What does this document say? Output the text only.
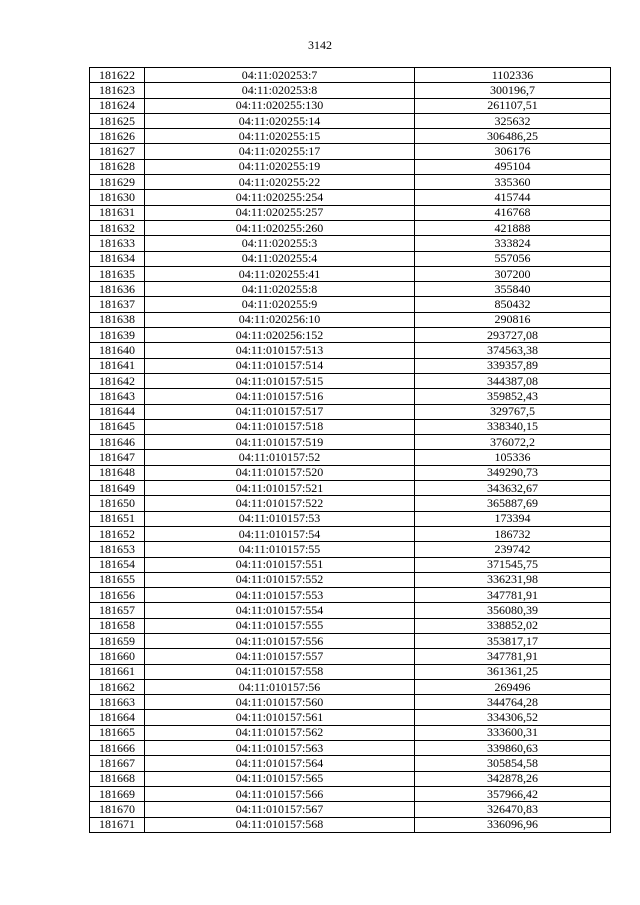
3142
181622	04:11:020253:7	1102336
181623	04:11:020253:8	300196,7
181624	04:11:020255:130	261107,51
181625	04:11:020255:14	325632
181626	04:11:020255:15	306486,25
181627	04:11:020255:17	306176
181628	04:11:020255:19	495104
181629	04:11:020255:22	335360
181630	04:11:020255:254	415744
181631	04:11:020255:257	416768
181632	04:11:020255:260	421888
181633	04:11:020255:3	333824
181634	04:11:020255:4	557056
181635	04:11:020255:41	307200
181636	04:11:020255:8	355840
181637	04:11:020255:9	850432
181638	04:11:020256:10	290816
181639	04:11:020256:152	293727,08
181640	04:11:010157:513	374563,38
181641	04:11:010157:514	339357,89
181642	04:11:010157:515	344387,08
181643	04:11:010157:516	359852,43
181644	04:11:010157:517	329767,5
181645	04:11:010157:518	338340,15
181646	04:11:010157:519	376072,2
181647	04:11:010157:52	105336
181648	04:11:010157:520	349290,73
181649	04:11:010157:521	343632,67
181650	04:11:010157:522	365887,69
181651	04:11:010157:53	173394
181652	04:11:010157:54	186732
181653	04:11:010157:55	239742
181654	04:11:010157:551	371545,75
181655	04:11:010157:552	336231,98
181656	04:11:010157:553	347781,91
181657	04:11:010157:554	356080,39
181658	04:11:010157:555	338852,02
181659	04:11:010157:556	353817,17
181660	04:11:010157:557	347781,91
181661	04:11:010157:558	361361,25
181662	04:11:010157:56	269496
181663	04:11:010157:560	344764,28
181664	04:11:010157:561	334306,52
181665	04:11:010157:562	333600,31
181666	04:11:010157:563	339860,63
181667	04:11:010157:564	305854,58
181668	04:11:010157:565	342878,26
181669	04:11:010157:566	357966,42
181670	04:11:010157:567	326470,83
181671	04:11:010157:568	336096,96
